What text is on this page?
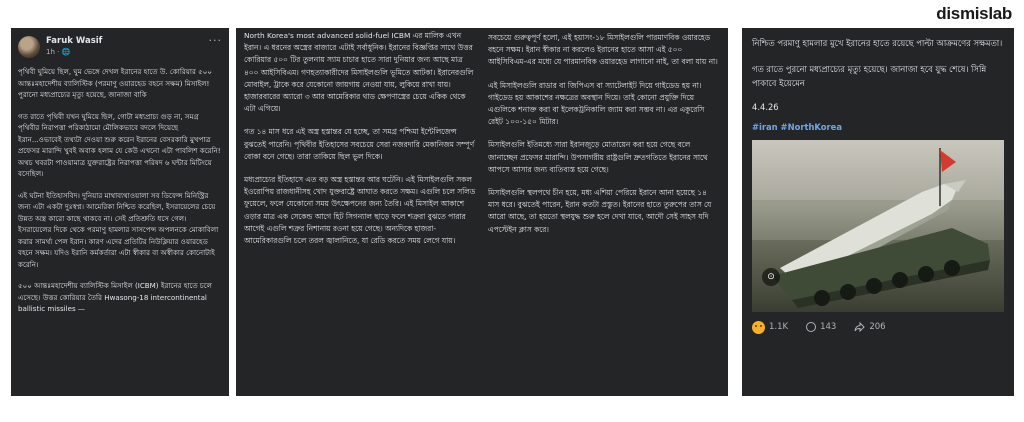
dismislab
Faruk Wasif
1h · 🌐
···
পৃথিবী ঘুমিয়ে ছিল, ঘুম ভেঙ্গে দেখল ইরানের হাতে উ. কোরিয়ার ৫০০ আন্তঃমহাদেশীয় ব্যালিস্টিক (পরমাণু ওয়ারহেড বহনে সক্ষম) মিসাইল! পুরানো মধ্যপ্রাচ্যের মৃত্যু হয়েছে, জানাজা বাকি
গত রাতে পৃথিবী যখন ঘুমিয়ে ছিল, গোটা মধ্যপ্রাচ্য গুড় না, সমগ্র পৃথিবীর নিরাপত্তা পরিকাঠামো মৌলিকভাবে বদলে দিয়েছে ইরান...ওভাবেই তথ্যটা দেওয়া শুরু করেন ইরানের বেসরকারি মুখপাত্র প্রফেসর মারান্দি খুবই অবাক হলাম যে কেউ এখনো এটা পাবলিশ করেনি! অথচ খবরটা পাওয়ামাত্র যুক্তরাষ্ট্রের নিরাপত্তা পরিষদ ৬ ঘন্টার মিটিংয়ে বসেছিল।
এই ঘটনা ইতিহাসবিদ। দুনিয়ার মাথাব্যথাওয়ালা সব ডিফেন্স মিনিস্ট্রির জন্য এটা একটা দুঃস্বপ্ন। আমেরিকা নিশ্চিত করেছিল, ইসরায়েলের চেয়ে উন্নত অস্ত্র কারো কাছে থাকবে না। সেই প্রতিশ্রুতি ধসে গেল। ইসরায়েলের দিকে থেকে পরমাণু হামলার সাসপেন্স অপলনকে মোকাবিলা করার সামর্থ্য পেল ইরান। কারণ এদের প্রতিটির নিউক্লিয়ার ওয়ারহেড বহনে সক্ষম। যদিও ইরানি কর্মকর্তারা এটা স্বীকার বা অস্বীকার কোনোটাই করেনি।
৫০০ আন্তঃমহাদেশীয় ব্যালিস্টিক মিসাইল (ICBM) ইরানের হাতে চলে এসেছে। উত্তর কোরিয়ার তৈরি Hwasong-18 intercontinental ballistic missiles —
North Korea's most advanced solid-fuel ICBM এর মালিক এখন ইরান। এ ধরনের অস্ত্রের বাজারে এটাই সর্বাধুনিক। ইরানের বিজ্ঞপ্তির সাথে উত্তর কোরিয়ার ৫০০ টির তুলনায় স্যাম চাচার হাতে সারা দুনিয়ার জন্য আছে মাত্র ৪০০ আইসিবিএম। গণহত্যাকারীদের মিসাইলগুলি ভূমিতে আটকা। ইরানেরগুলি মোবাইল, ট্রাকে করে যেকোনো জায়গায় নেওয়া যায়, লুকিয়ে রাখা যায়। হাজারবারের অ্যারো ৩ আর আমেরিকার থাড ক্ষেপণাস্ত্রের চেয়ে একিক থেকে এটা এগিয়ে।
গত ১৪ মাস ধরে এই অস্ত্র হস্তান্তর যে হচ্ছে, তা সমগ্র পশ্চিমা ইন্টেলিজেন্স বুঝতেই পারেনি। পৃথিবীর ইতিহাসের সবচেয়ে সেরা নজরদারি মেকানিজম সম্পূর্ণ বোকা বনে গেছে। তারা তাকিয়ে ছিল ভুল দিকে।
মধ্যপ্রাচ্যের ইতিহাসে এত বড় অস্ত্র হস্তান্তর আর ঘটেনি। এই মিসাইলগুলি সকল ইওরোপিয় রাজধানীসহ খোদ যুক্তরাষ্ট্রে আঘাত করতে সক্ষম। এগুলি চলে সলিড ফুয়েলে, ফলে যেকোনো সময় উৎক্ষেপনের জন্য তৈরি। এই মিসাইল আকাশে ওড়ার মাত্র এক সেকেন্ড আগে হিট সিগন্যাল ছাড়ে ফলে শত্রুরা বুঝতে পারার আগেই এগুলি শত্রুর নিশানায় রওনা হয়ে গেছে। অন্যদিকে হাজরা-আমেরিকারগুলি চলে তরল জ্বালানিতে, যা রেডি করতে সময় লেগে যায়।
সবচেয়ে গুরুত্বপূর্ণ হলো, এই হয়াসং-১৮ মিসাইলগুলি পারমাণবিক ওয়ারহেড বহনে সক্ষম। ইরান স্বীকার না করলেও ইরানের হাতে আসা এই ৫০০ আইসিবিএম-এর মধ্যে যে পারমানবিক ওয়ারহেড লাগানো নাই, তা বলা যায় না।
এই মিসাইলগুলি রাডার বা জিপিএস বা স্যাটেলাইট দিয়ে গাইডেড হয় না। গাইডেড হয় আকাশের নক্ষত্রের অবস্থান দিয়ে। তাই কোনো প্রযুক্তি দিয়ে এগুলিকে শনাক্ত করা বা ইলেকট্রনিকালি জ্যাম করা সম্ভব না। এর একুরেসি রেইট ১০০-১৫০ মিটার।
মিসাইলগুলি ইতিমধ্যে সারা ইরানজুড়ে মোতায়েন করা হয়ে গেছে বলে জানাচ্ছেন প্রফেসর মারান্দি। উপসাগরীয় রাষ্ট্রগুলি দ্রুতগতিতে ইরানের সাথে আপসে আসার জন্য ব্যতিব্যস্ত হয়ে গেছে।
মিসাইলগুলি স্থলপথে চীন হয়ে, মধ্য এশিয়া পেরিয়ে ইরানে আনা হয়েছে ১৪ মাস ধরে। বুঝতেই পারেন, ইরান কতটা প্রস্তুত। ইরানের হাতে তুরুপের তাস যে আরো আছে, তা হয়তো স্থলযুদ্ধ শুরু হলে দেখা যাবে, আদৌ সেই সাহস যদি এপস্টেইন ক্লাস করে।
নিশ্চিত পরমাণু হামলার মুখে ইরানের হাতে রয়েছে পাল্টা আক্রমণের সক্ষমতা।
গত রাতে পুরনো মধ্যপ্রাচ্যের মৃত্যু হয়েছে। জানাজা হবে যুদ্ধ শেষে। সিন্নি পাকাবে ইয়েমেন
4.4.26
#iran #NorthKorea
⊙
1.1K	143	206
